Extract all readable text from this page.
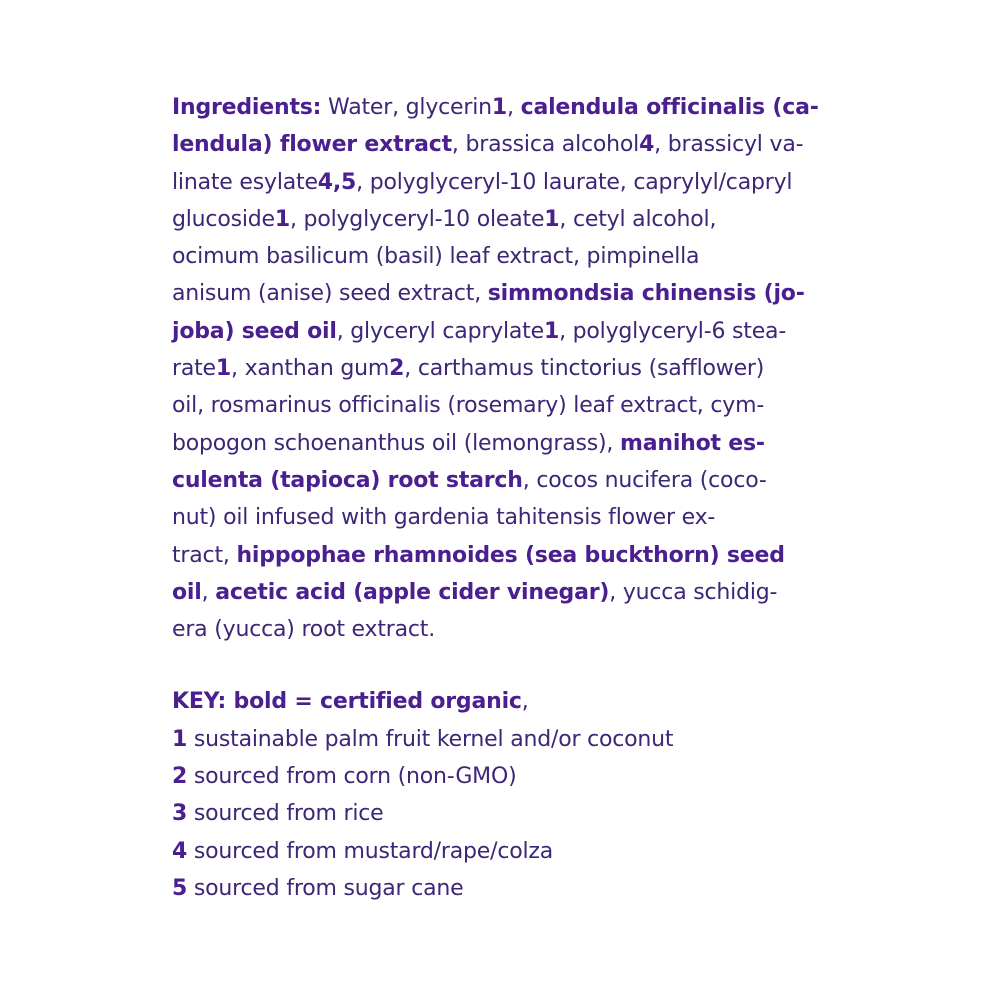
Ingredients: Water, glycerin1, calendula officinalis (ca-
lendula) flower extract, brassica alcohol4, brassicyl va-
linate esylate4,5, polyglyceryl-10 laurate, caprylyl/capryl
glucoside1, polyglyceryl-10 oleate1, cetyl alcohol,
ocimum basilicum (basil) leaf extract, pimpinella
anisum (anise) seed extract, simmondsia chinensis (jo-
joba) seed oil, glyceryl caprylate1, polyglyceryl-6 stea-
rate1, xanthan gum2, carthamus tinctorius (safflower)
oil, rosmarinus officinalis (rosemary) leaf extract, cym-
bopogon schoenanthus oil (lemongrass), manihot es-
culenta (tapioca) root starch, cocos nucifera (coco-
nut) oil infused with gardenia tahitensis flower ex-
tract, hippophae rhamnoides (sea buckthorn) seed
oil, acetic acid (apple cider vinegar), yucca schidig-
era (yucca) root extract.
KEY: bold = certified organic,
1 sustainable palm fruit kernel and/or coconut
2 sourced from corn (non-GMO)
3 sourced from rice
4 sourced from mustard/rape/colza
5 sourced from sugar cane
